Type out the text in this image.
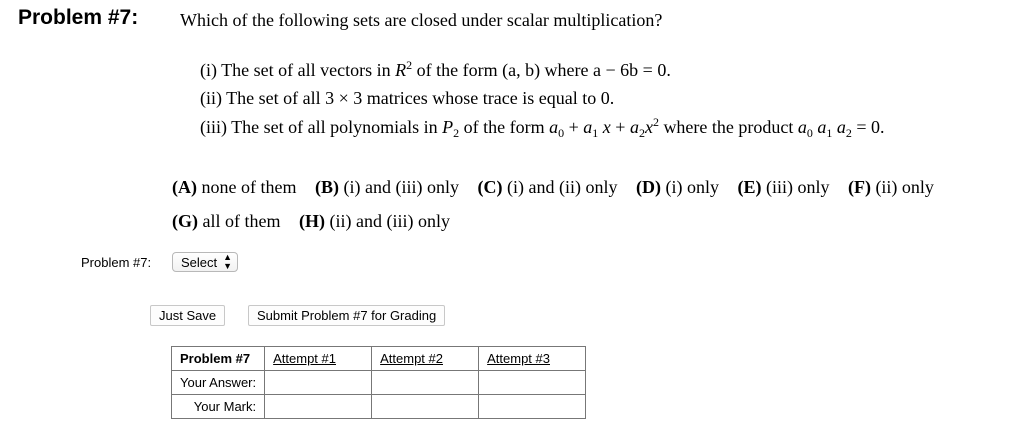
Problem #7: Which of the following sets are closed under scalar multiplication?
(i) The set of all vectors in $R^2$ of the form (a, b) where a − 6b = 0.
(ii) The set of all 3 × 3 matrices whose trace is equal to 0.
(iii) The set of all polynomials in $P_2$ of the form $a_0 + a_1$ $x + a_2x^2$ where the product $a_0$ $a_1$ $a_2 = 0$.
(A) none of them (B) (i) and (iii) only (C) (i) and (ii) only (D) (i) only (E) (iii) only (F) (ii) only
(G) all of them (H) (ii) and (iii) only
Problem #7: Select ▲
▼
Just Save	Submit Problem #7 for Grading
Problem #7	Attempt #1	Attempt #2	Attempt #3
Your Answer:			
Your Mark:			
